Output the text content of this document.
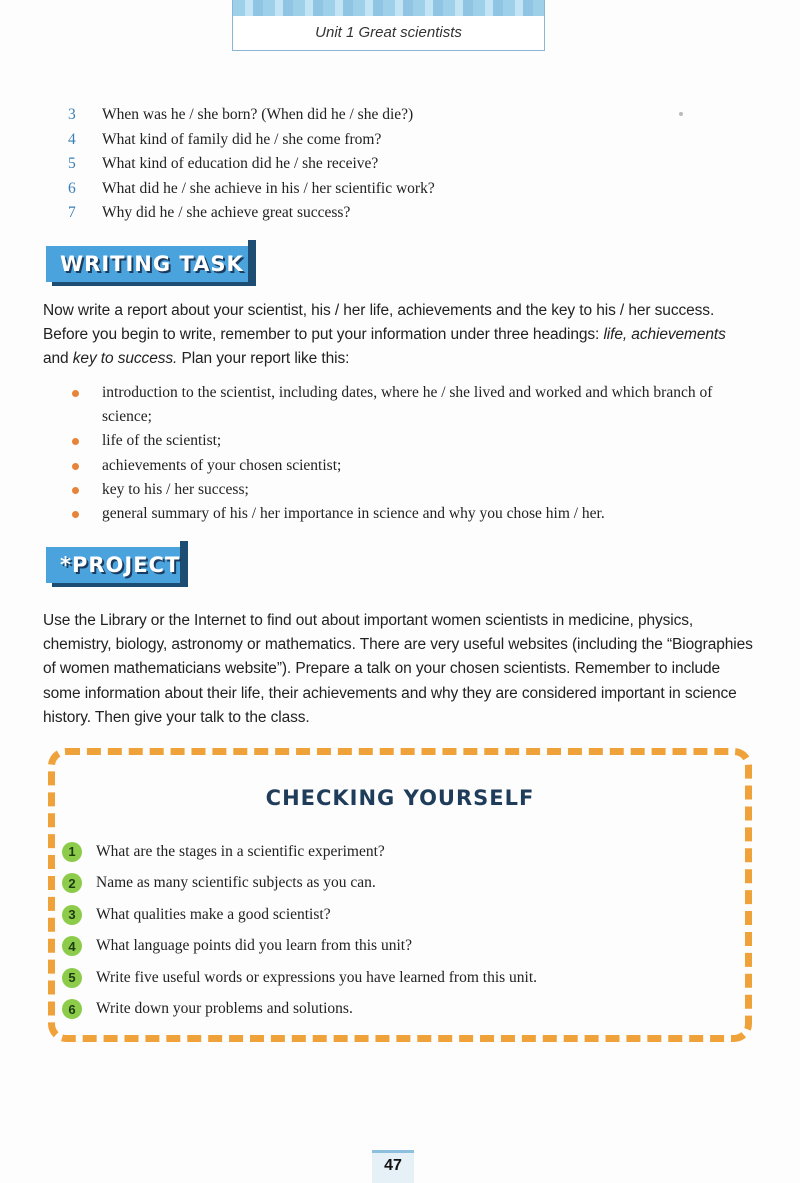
Unit 1 Great scientists
3	When was he / she born? (When did he / she die?)
4	What kind of family did he / she come from?
5	What kind of education did he / she receive?
6	What did he / she achieve in his / her scientific work?
7	Why did he / she achieve great success?
WRITING TASK

Now write a report about your scientist, his / her life, achievements and the key to his / her success. Before you begin to write, remember to put your information under three headings: life, achievements and key to success. Plan your report like this:

introduction to the scientist, including dates, where he / she lived and worked and which branch of science;
life of the scientist;
achievements of your chosen scientist;
key to his / her success;
general summary of his / her importance in science and why you chose him / her.
*PROJECT

Use the Library or the Internet to find out about important women scientists in medicine, physics, chemistry, biology, astronomy or mathematics. There are very useful websites (including the “Biographies of women mathematicians website”). Prepare a talk on your chosen scientists. Remember to include some information about their life, their achievements and why they are considered important in science history. Then give your talk to the class.

CHECKING YOURSELF
1	What are the stages in a scientific experiment?
2	Name as many scientific subjects as you can.
3	What qualities make a good scientist?
4	What language points did you learn from this unit?
5	Write five useful words or expressions you have learned from this unit.
6	Write down your problems and solutions.
47
